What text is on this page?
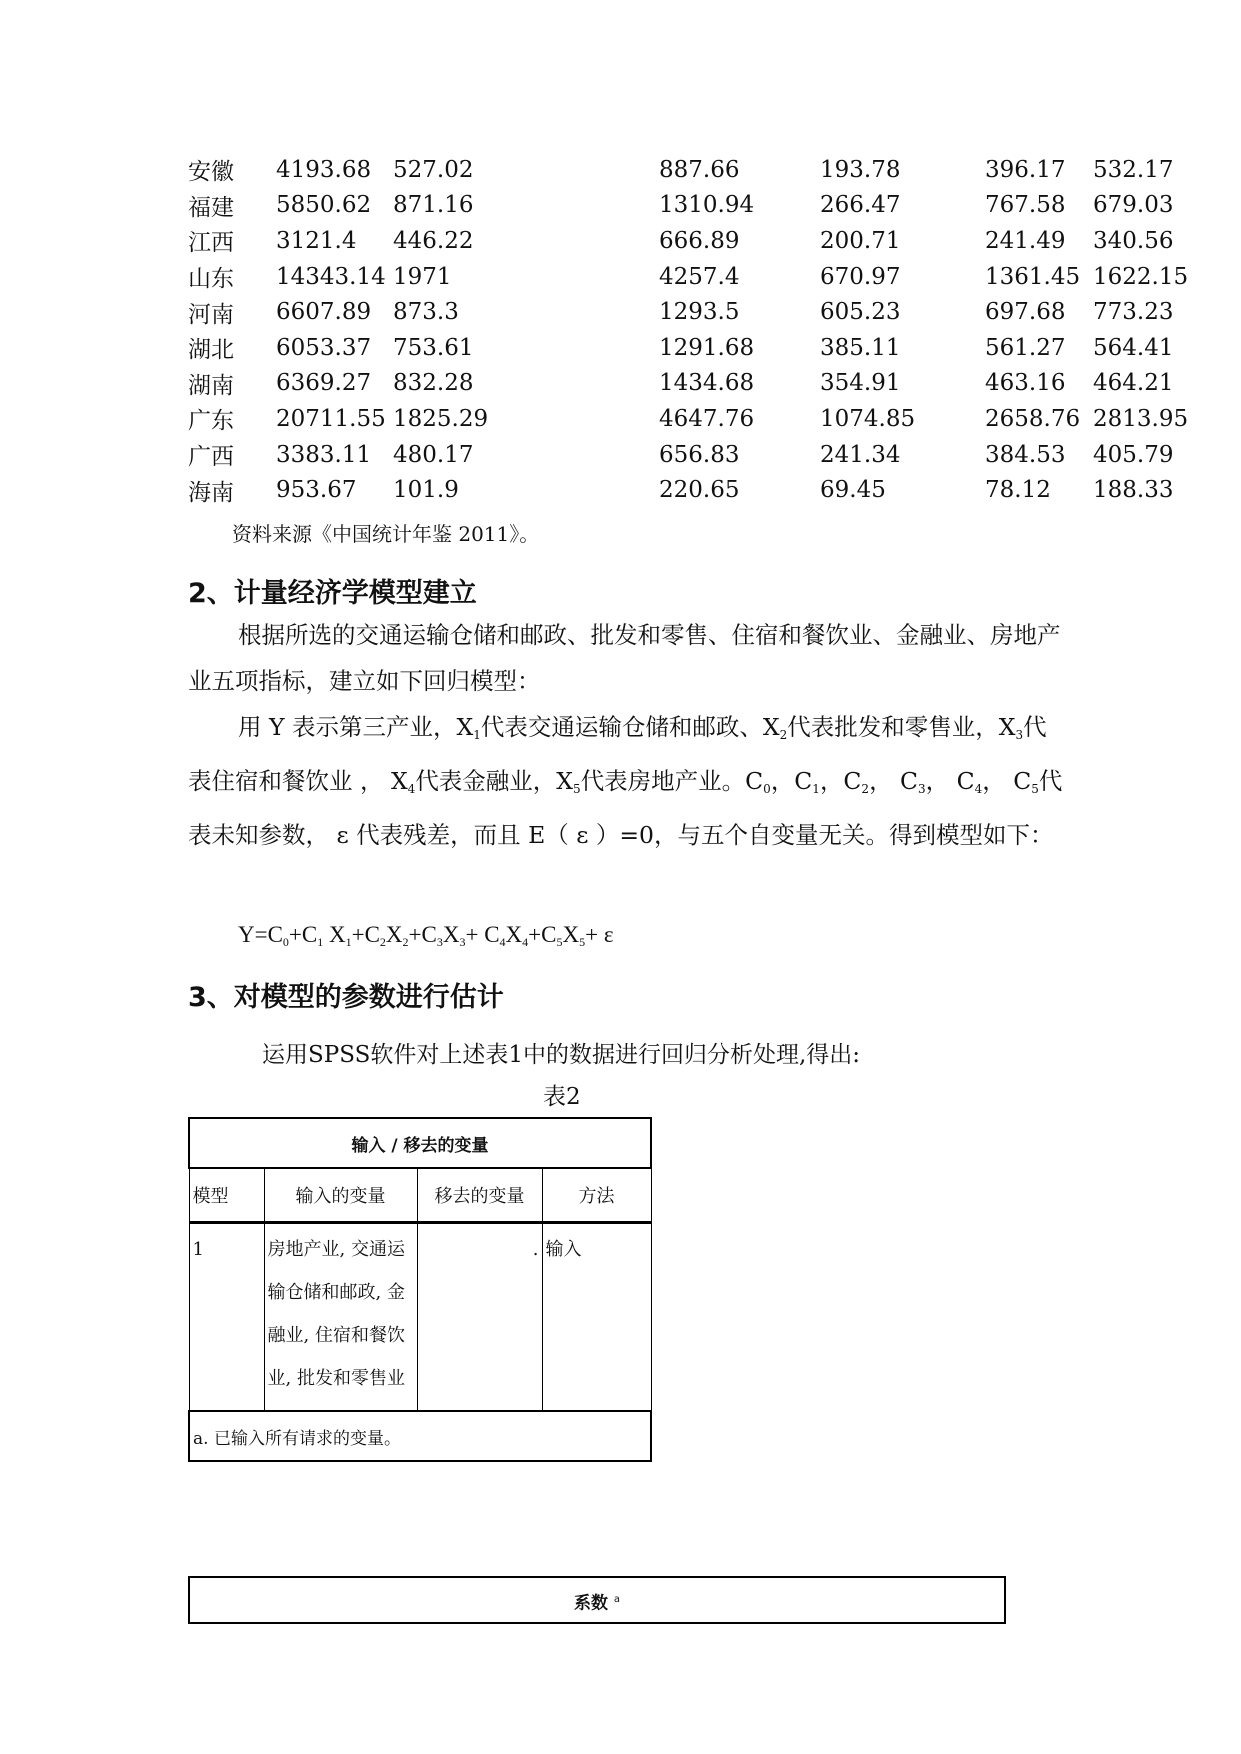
安徽	4193.68	527.02	887.66	193.78	396.17	532.17
福建	5850.62	871.16	1310.94	266.47	767.58	679.03
江西	3121.4	446.22	666.89	200.71	241.49	340.56
山东	14343.14	1971	4257.4	670.97	1361.45	1622.15
河南	6607.89	873.3	1293.5	605.23	697.68	773.23
湖北	6053.37	753.61	1291.68	385.11	561.27	564.41
湖南	6369.27	832.28	1434.68	354.91	463.16	464.21
广东	20711.55	1825.29	4647.76	1074.85	2658.76	2813.95
广西	3383.11	480.17	656.83	241.34	384.53	405.79
海南	953.67	101.9	220.65	69.45	78.12	188.33
资料来源《中国统计年鉴 2011》。
2、计量经济学模型建立

根据所选的交通运输仓储和邮政、批发和零售、住宿和餐饮业、金融业、房地产业五项指标，建立如下回归模型：

用 Y 表示第三产业，$X_1$代表交通运输仓储和邮政、$X_2$代表批发和零售业，$X_3$代表住宿和餐饮业 ， $X_4$代表金融业，$X_5$代表房地产业。$C_0$，$C_1$，$C_2$， $C_3$， $C_4$， $C_5$代表未知参数， ε 代表残差，而且 E（ ε ）=0，与五个自变量无关。得到模型如下：

$Y=C_0+C_1$ $X_1+C_2X_2+C_3X_3+ C_4X_4+C_5X_5+ \varepsilon$
3、对模型的参数进行估计
运用SPSS软件对上述表1中的数据进行回归分析处理,得出:
表2
输入 / 移去的变量			
模型	输入的变量	移去的变量	方法
1	房地产业, 交通运输仓储和邮政, 金融业, 住宿和餐饮业, 批发和零售业	.	输入
a. 已输入所有请求的变量。			
系数 $^a$
